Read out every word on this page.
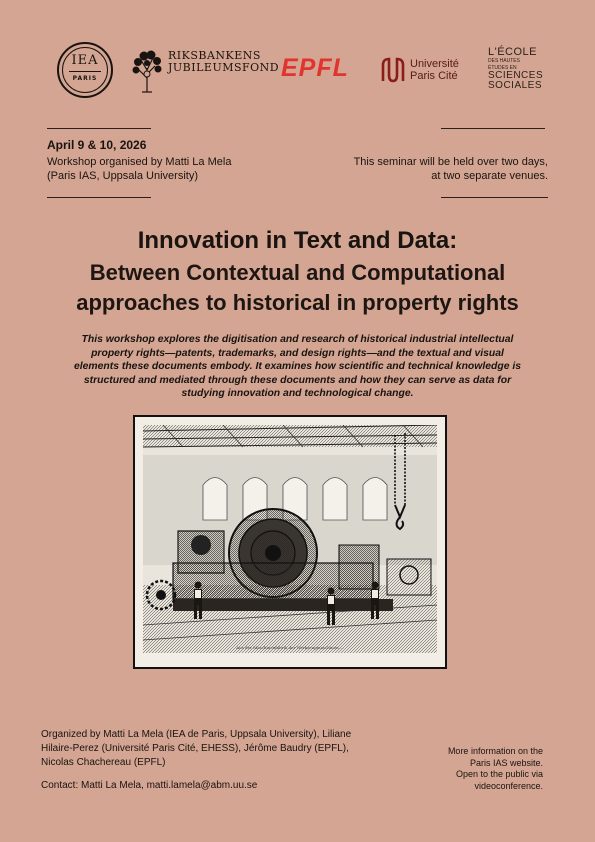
IEA
PARIS
RIKSBANKENS
JUBILEUMSFOND EPFL	Université
Paris Cité
L'ÉCOLE
DES HAUTES
ÉTUDES EN
SCIENCES
SOCIALES
April 9 & 10, 2026
Workshop organised by Matti La Mela
(Paris IAS, Uppsala University)
This seminar will be held over two days,
at two separate venues.
Innovation in Text and Data:
Between Contextual and Computational
approaches to historical in property rights
This workshop explores the digitisation and research of historical industrial intellectual property rights—patents, trademarks, and design rights—and the textual and visual elements these documents embody. It examines how scientific and technical knowledge is structured and mediated through these documents and how they can serve as data for studying innovation and technological change.
Aus der Maschinenfabrik der Werkzeugmaschinen ...
Organized by Matti La Mela (IEA de Paris, Uppsala University), Liliane Hilaire-Perez (Université Paris Cité, EHESS), Jérôme Baudry (EPFL), Nicolas Chachereau (EPFL)
Contact: Matti La Mela, matti.lamela@abm.uu.se
More information on the
Paris IAS website.
Open to the public via
videoconference.
